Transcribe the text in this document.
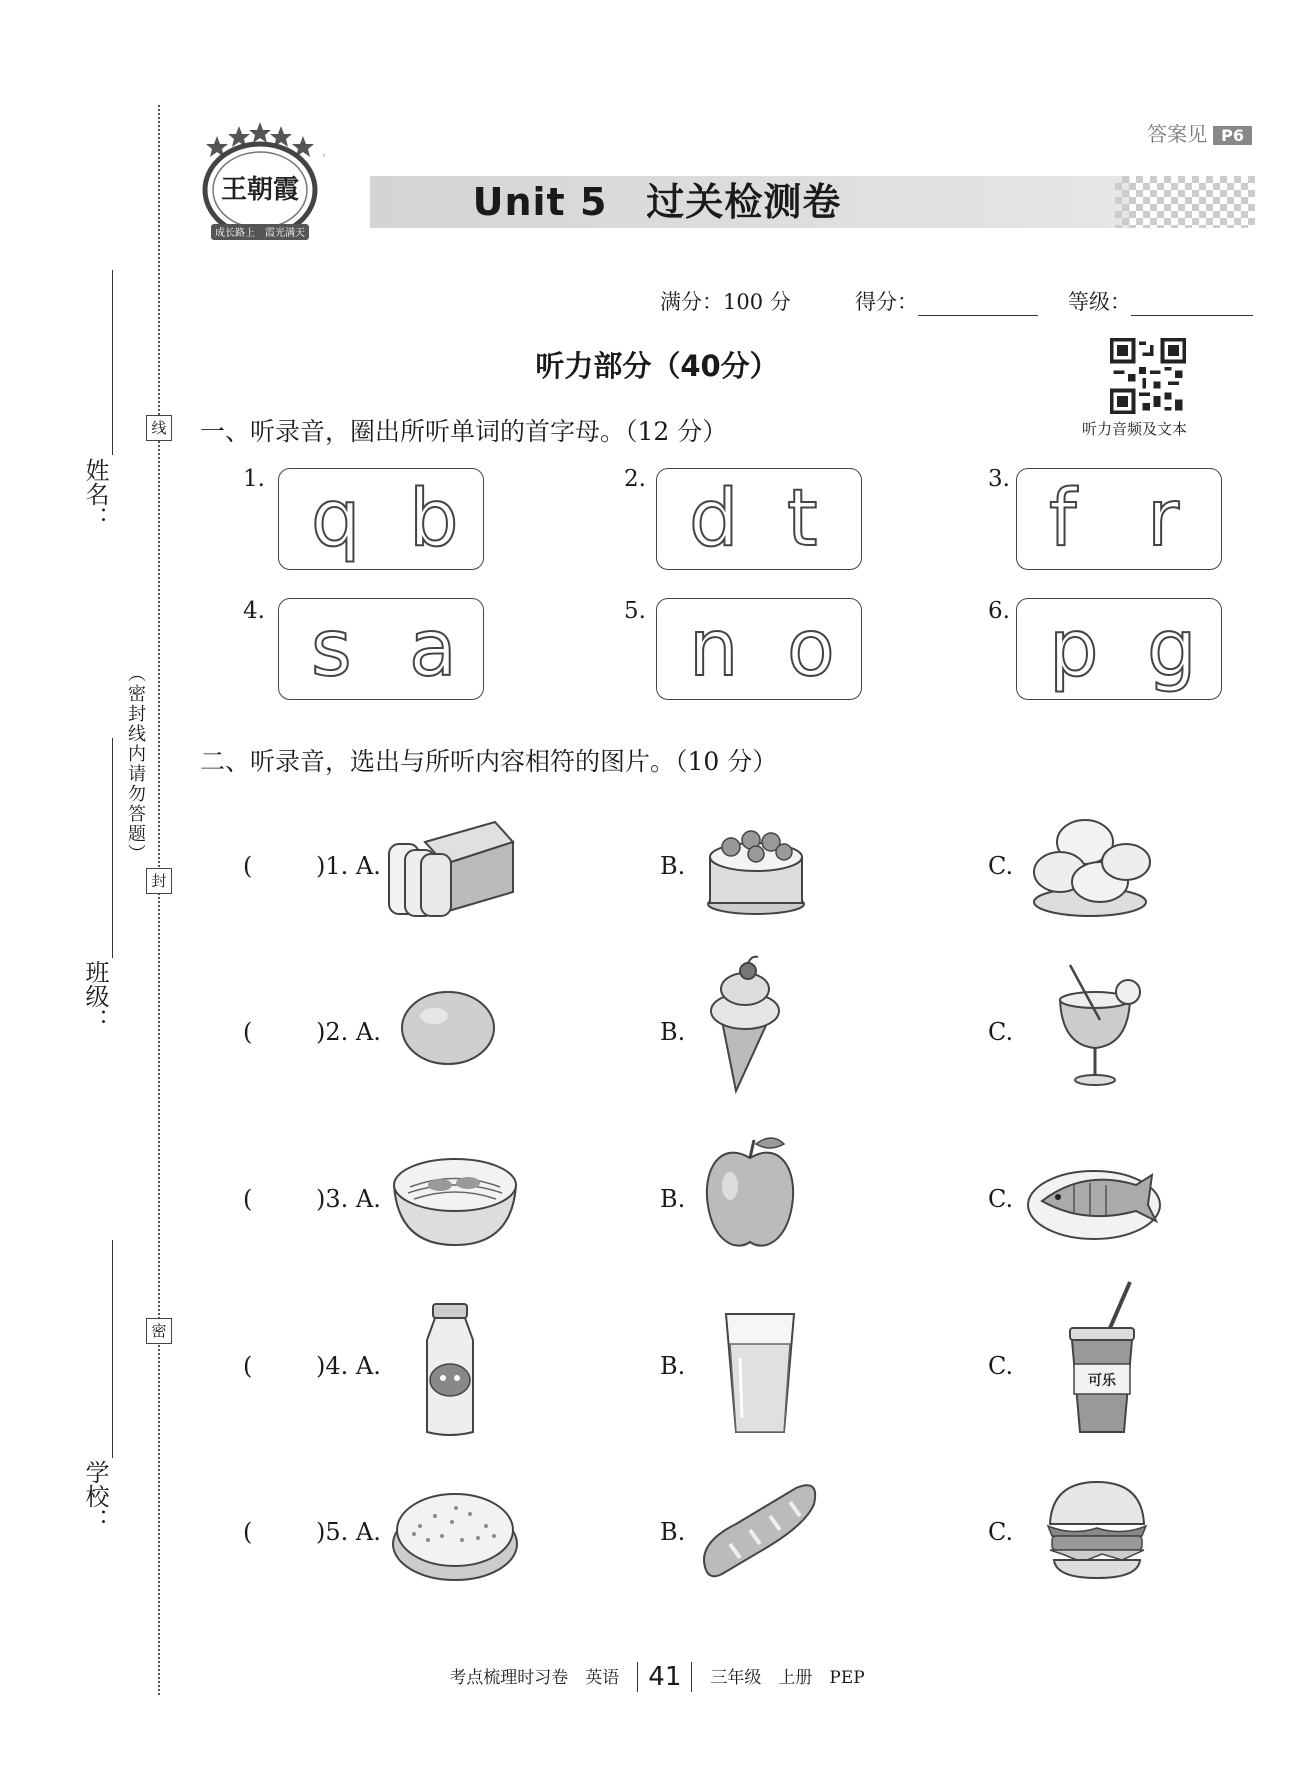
姓名：
班级：
学校：
线
封
密
（密封线内请勿答题）
答案见 P6
Unit 5　过关检测卷
王朝霞
成长路上　霞光满天
满分：100 分	得分：	等级：
听力部分（40分）
听力音频及文本
一、听录音，圈出所听单词的首字母。（12 分）
1. q b	2. d t	3. f r
4. s a	5. n o	6. p g
二、听录音，选出与所听内容相符的图片。（10 分）
(	)1. A.	B.	C.
(	)2. A.	B.	C.
(	)3. A.	B.	C.
(	)4. A.	B.	C.
可乐
(	)5. A.	B.	C.
考点梳理时习卷　英语 41 三年级　上册　PEP
